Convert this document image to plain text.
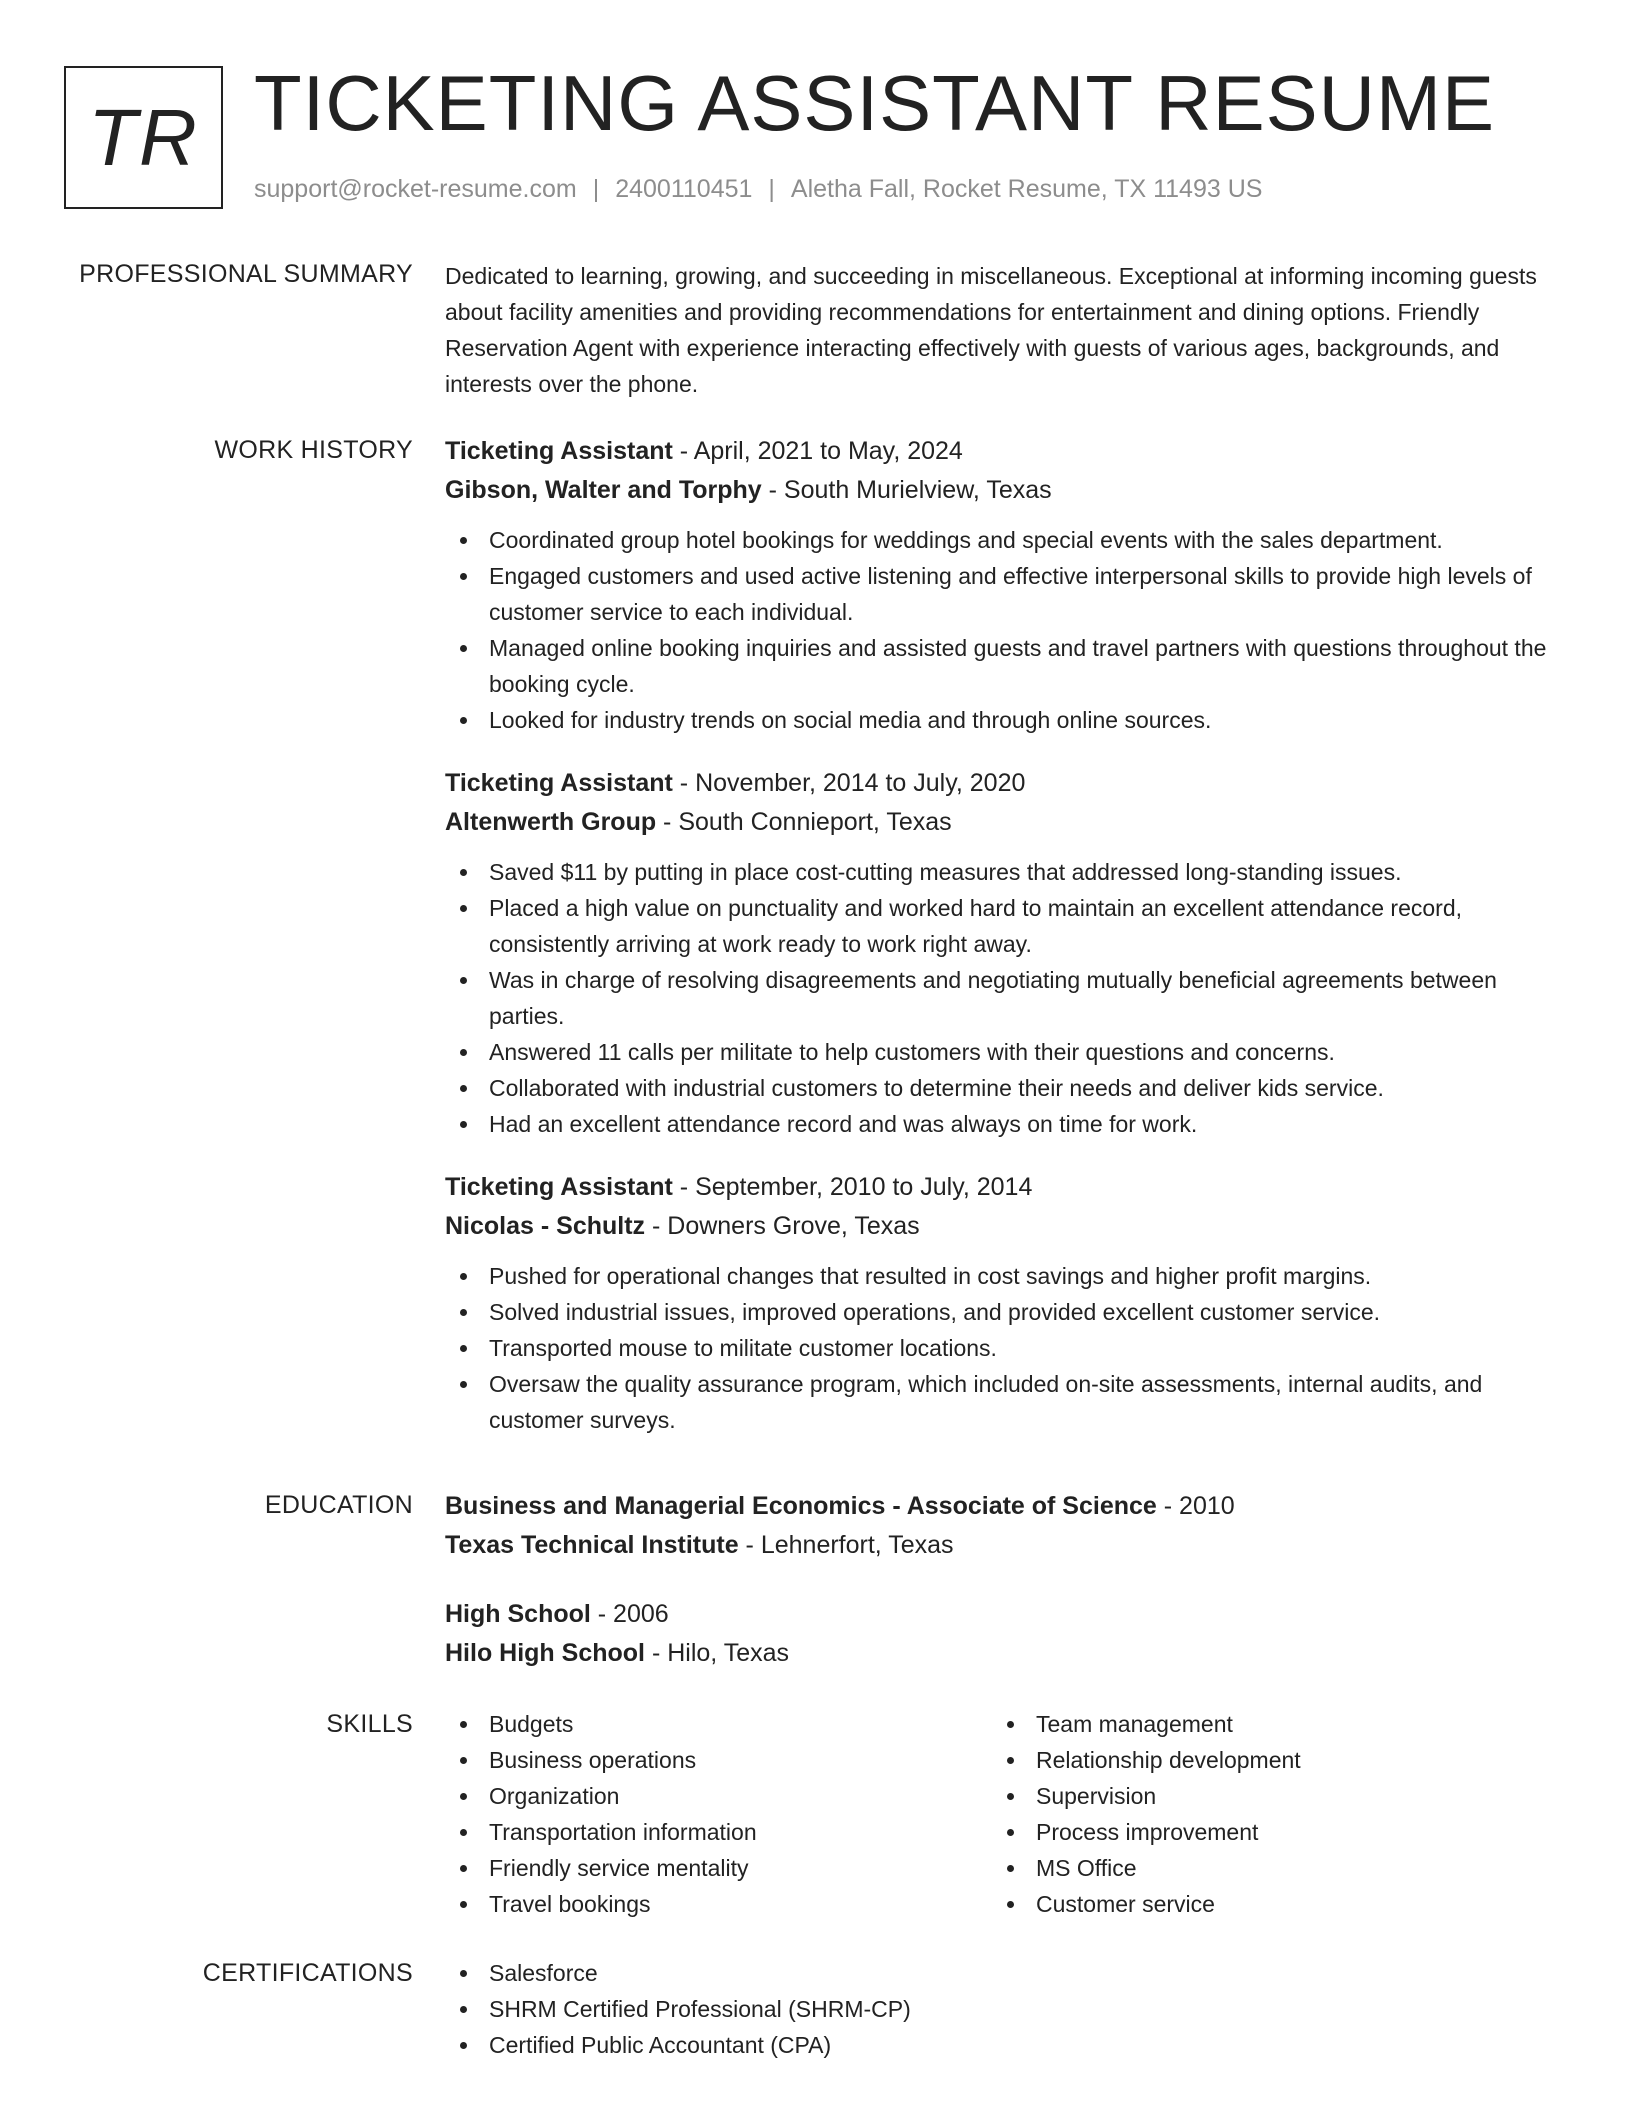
TR TICKETING ASSISTANT RESUME
support@rocket-resume.com | 2400110451 | Aletha Fall, Rocket Resume, TX 11493 US
PROFESSIONAL SUMMARY Dedicated to learning, growing, and succeeding in miscellaneous. Exceptional at informing incoming guests about facility amenities and providing recommendations for entertainment and dining options. Friendly Reservation Agent with experience interacting effectively with guests of various ages, backgrounds, and interests over the phone.

WORK HISTORY Ticketing Assistant - April, 2021 to May, 2024
Gibson, Walter and Torphy - South Murielview, Texas
Coordinated group hotel bookings for weddings and special events with the sales department.
Engaged customers and used active listening and effective interpersonal skills to provide high levels of customer service to each individual.
Managed online booking inquiries and assisted guests and travel partners with questions throughout the booking cycle.
Looked for industry trends on social media and through online sources.
Ticketing Assistant - November, 2014 to July, 2020
Altenwerth Group - South Connieport, Texas
Saved $11 by putting in place cost-cutting measures that addressed long-standing issues.
Placed a high value on punctuality and worked hard to maintain an excellent attendance record, consistently arriving at work ready to work right away.
Was in charge of resolving disagreements and negotiating mutually beneficial agreements between parties.
Answered 11 calls per militate to help customers with their questions and concerns.
Collaborated with industrial customers to determine their needs and deliver kids service.
Had an excellent attendance record and was always on time for work.
Ticketing Assistant - September, 2010 to July, 2014
Nicolas - Schultz - Downers Grove, Texas
Pushed for operational changes that resulted in cost savings and higher profit margins.
Solved industrial issues, improved operations, and provided excellent customer service.
Transported mouse to militate customer locations.
Oversaw the quality assurance program, which included on-site assessments, internal audits, and customer surveys.
EDUCATION Business and Managerial Economics - Associate of Science - 2010
Texas Technical Institute - Lehnerfort, Texas
High School - 2006
Hilo High School - Hilo, Texas
SKILLS	Budgets
Business operations
Organization
Transportation information
Friendly service mentality
Travel bookings
Team management
Relationship development
Supervision
Process improvement
MS Office
Customer service
CERTIFICATIONS	Salesforce
SHRM Certified Professional (SHRM-CP)
Certified Public Accountant (CPA)
